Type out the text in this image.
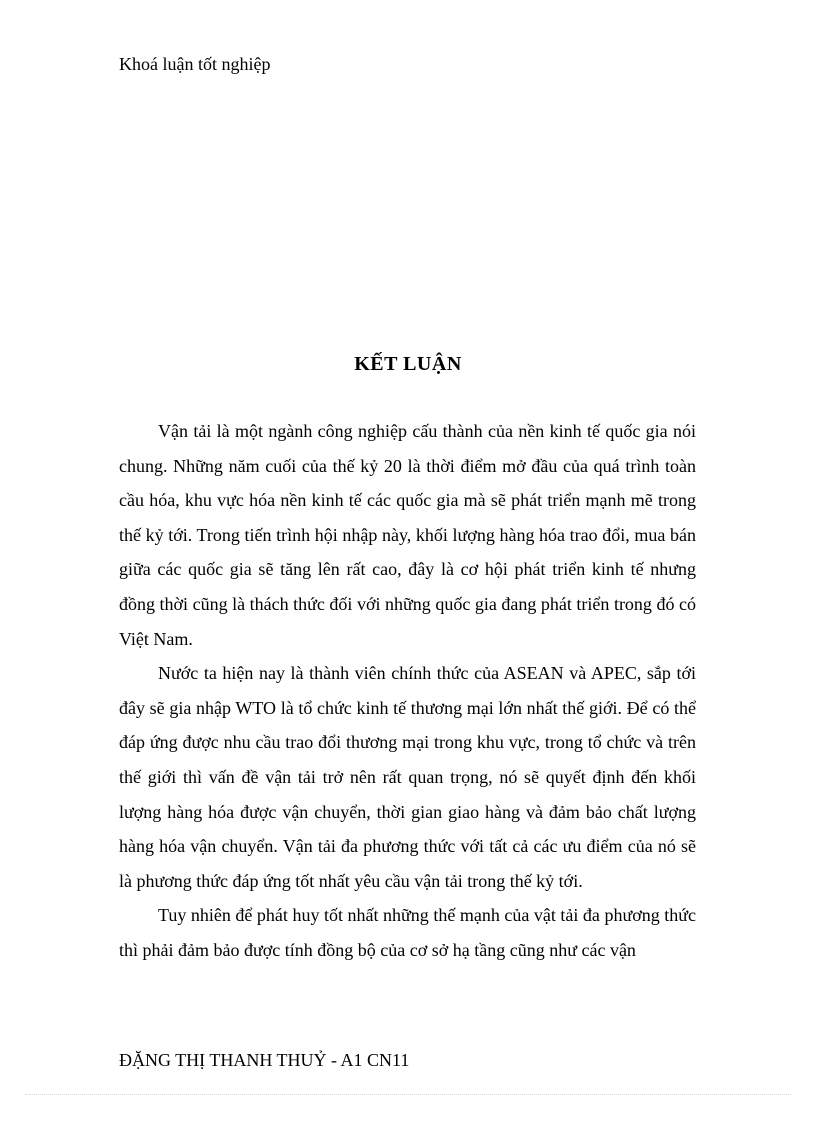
Khoá luận tốt nghiệp
KẾT LUẬN

Vận tải là một ngành công nghiệp cấu thành của nền kinh tế quốc gia nói chung. Những năm cuối của thế kỷ 20 là thời điểm mở đầu của quá trình toàn cầu hóa, khu vực hóa nền kinh tế các quốc gia mà sẽ phát triển mạnh mẽ trong thế kỷ tới. Trong tiến trình hội nhập này, khối lượng hàng hóa trao đổi, mua bán giữa các quốc gia sẽ tăng lên rất cao, đây là cơ hội phát triển kinh tế nhưng đồng thời cũng là thách thức đối với những quốc gia đang phát triển trong đó có Việt Nam.

Nước ta hiện nay là thành viên chính thức của ASEAN và APEC, sắp tới đây sẽ gia nhập WTO là tổ chức kinh tế thương mại lớn nhất thế giới. Để có thể đáp ứng được nhu cầu trao đổi thương mại trong khu vực, trong tổ chức và trên thế giới thì vấn đề vận tải trở nên rất quan trọng, nó sẽ quyết định đến khối lượng hàng hóa được vận chuyển, thời gian giao hàng và đảm bảo chất lượng hàng hóa vận chuyển. Vận tải đa phương thức với tất cả các ưu điểm của nó sẽ là phương thức đáp ứng tốt nhất yêu cầu vận tải trong thế kỷ tới.

Tuy nhiên để phát huy tốt nhất những thế mạnh của vật tải đa phương thức thì phải đảm bảo được tính đồng bộ của cơ sở hạ tầng cũng như các vận

ĐẶNG THỊ THANH THUỶ - A1 CN11
